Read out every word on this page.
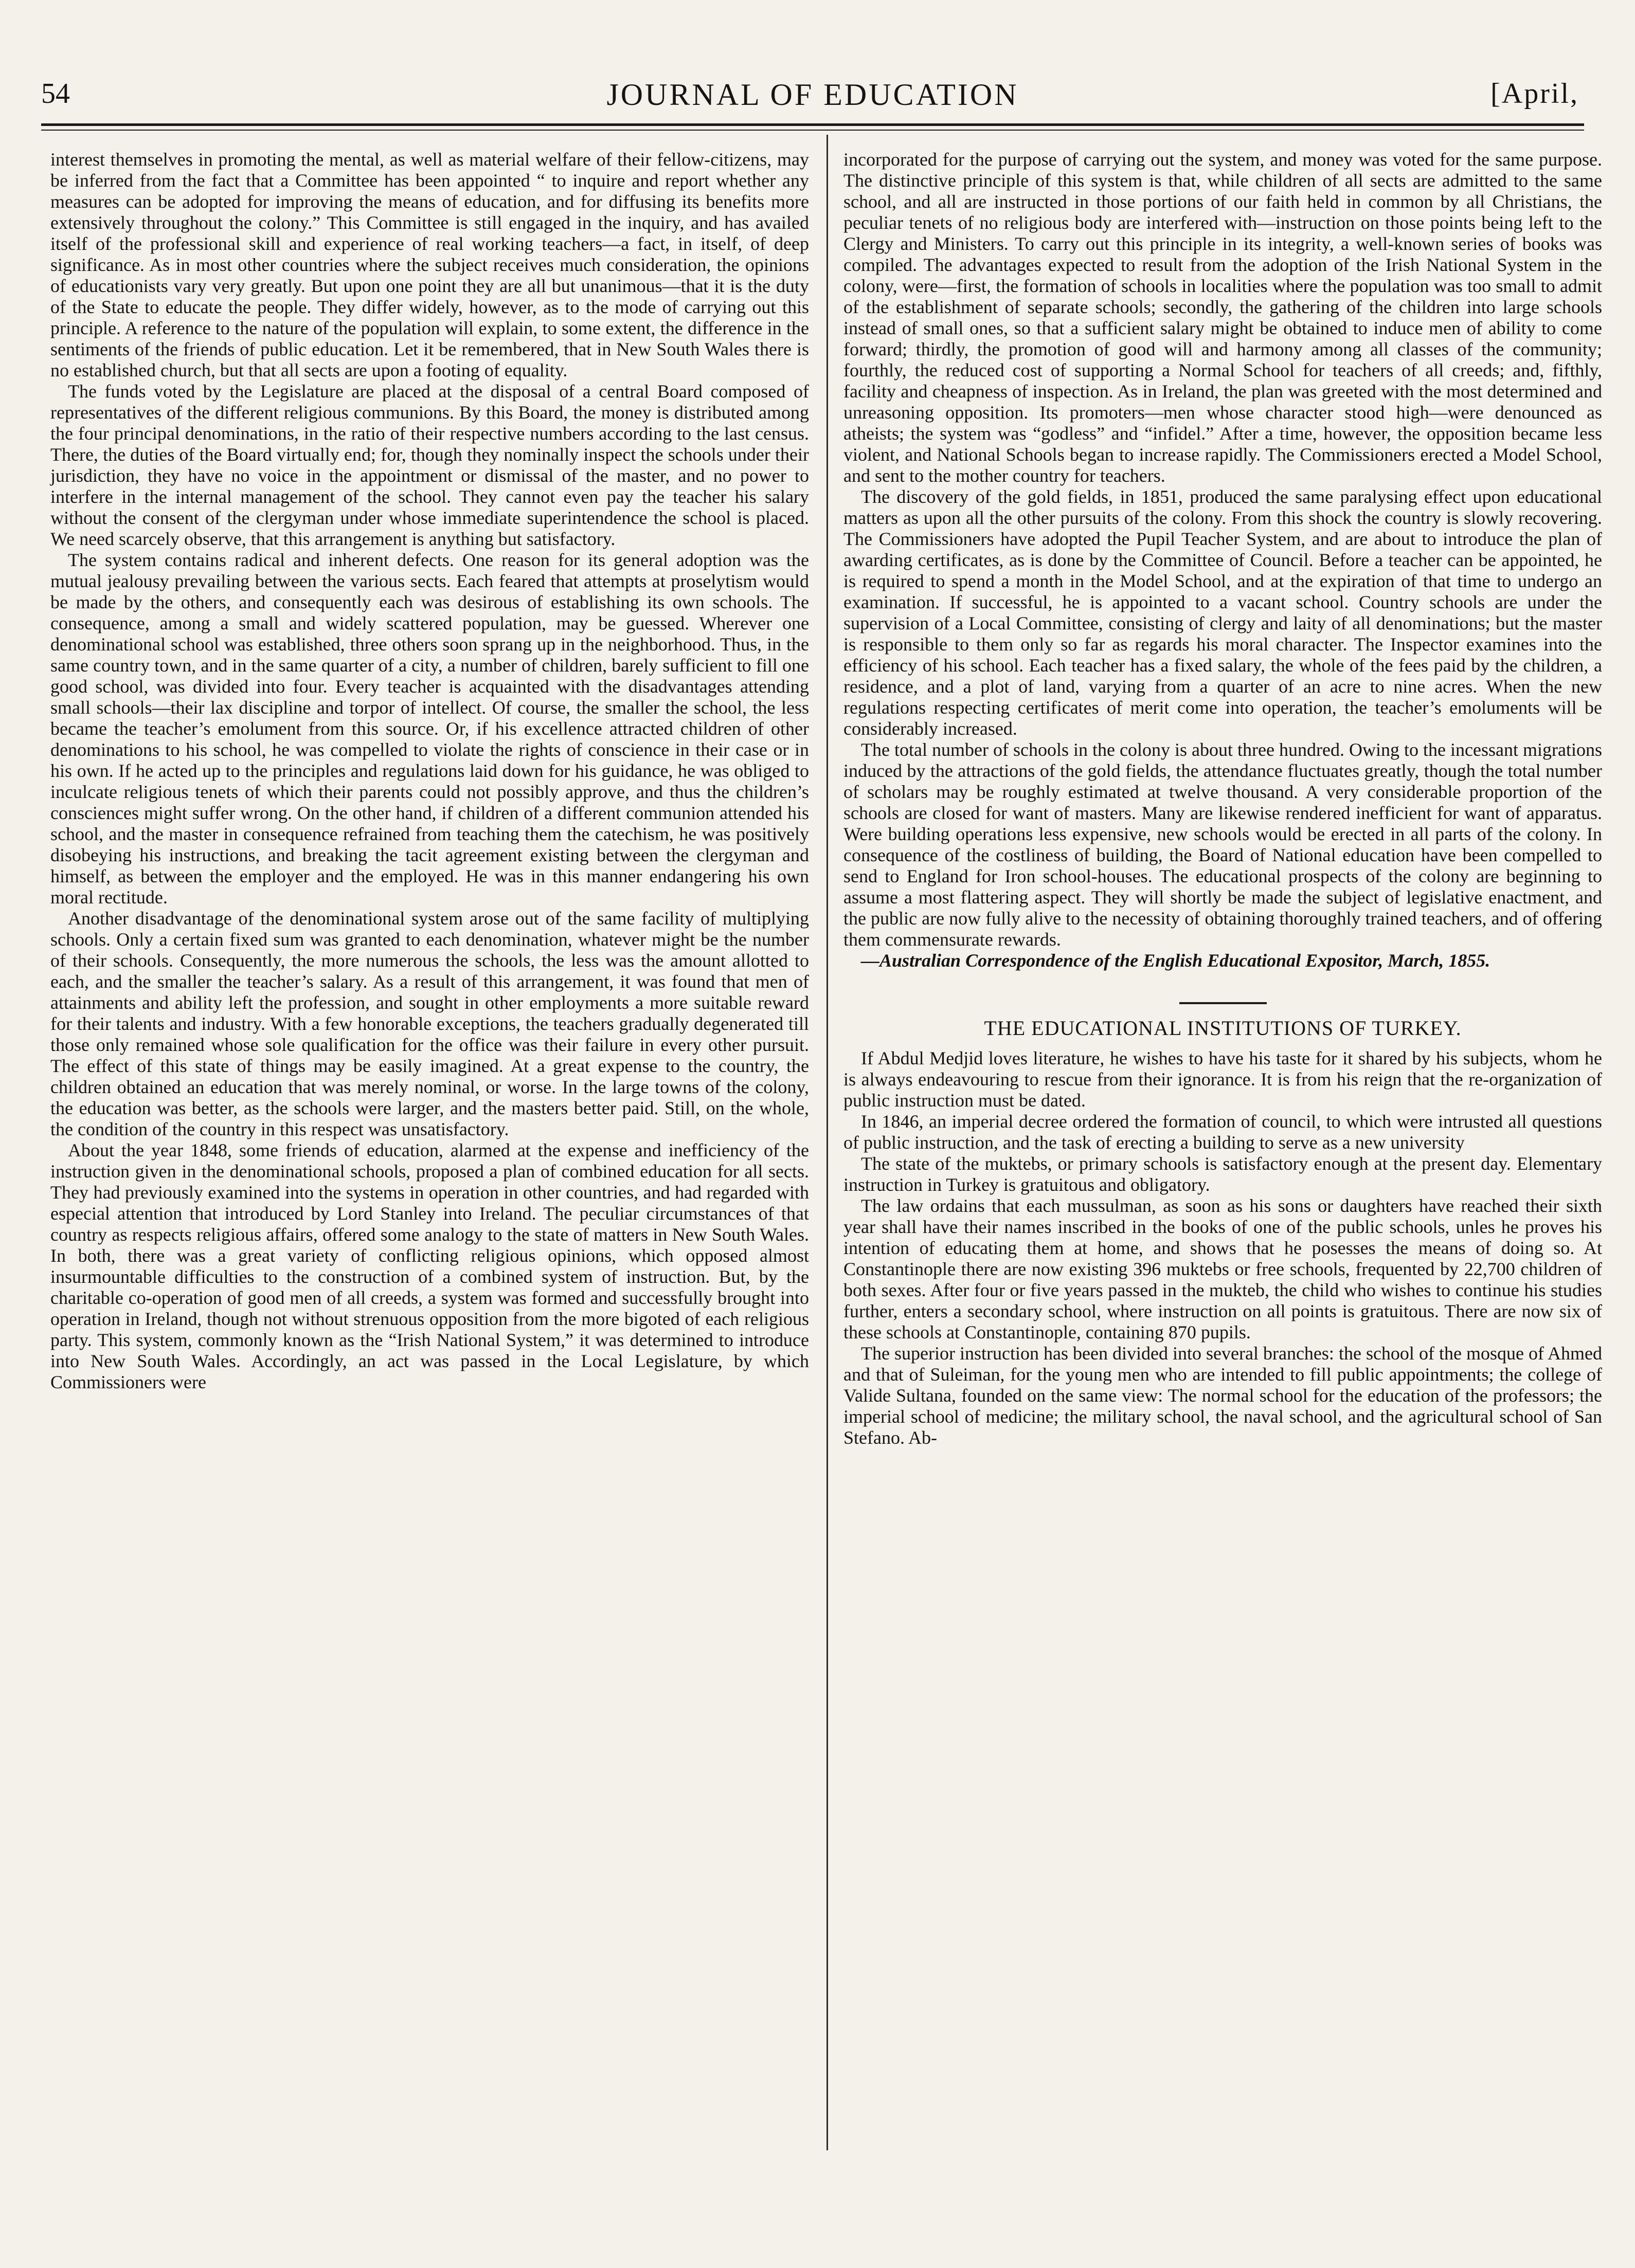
54	JOURNAL OF EDUCATION	[April,

interest themselves in promoting the mental, as well as material welfare of their fellow-citizens, may be inferred from the fact that a Committee has been appointed “ to inquire and report whether any measures can be adopted for improving the means of education, and for diffusing its benefits more extensively throughout the colony.” This Committee is still engaged in the inquiry, and has availed itself of the professional skill and experience of real working teachers—a fact, in itself, of deep significance. As in most other countries where the subject receives much consideration, the opinions of educationists vary very greatly. But upon one point they are all but unanimous—that it is the duty of the State to educate the people. They differ widely, however, as to the mode of carrying out this principle. A reference to the nature of the population will explain, to some extent, the difference in the sentiments of the friends of public education. Let it be remembered, that in New South Wales there is no established church, but that all sects are upon a footing of equality.

The funds voted by the Legislature are placed at the disposal of a central Board composed of representatives of the different religious communions. By this Board, the money is distributed among the four principal denominations, in the ratio of their respective numbers according to the last census. There, the duties of the Board virtually end; for, though they nominally inspect the schools under their jurisdiction, they have no voice in the appointment or dismissal of the master, and no power to interfere in the internal management of the school. They cannot even pay the teacher his salary without the consent of the clergyman under whose immediate superintendence the school is placed. We need scarcely observe, that this arrangement is anything but satisfactory.

The system contains radical and inherent defects. One reason for its general adoption was the mutual jealousy prevailing between the various sects. Each feared that attempts at proselytism would be made by the others, and consequently each was desirous of establishing its own schools. The consequence, among a small and widely scattered population, may be guessed. Wherever one denominational school was established, three others soon sprang up in the neighborhood. Thus, in the same country town, and in the same quarter of a city, a number of children, barely sufficient to fill one good school, was divided into four. Every teacher is acquainted with the disadvantages attending small schools—their lax discipline and torpor of intellect. Of course, the smaller the school, the less became the teacher’s emolument from this source. Or, if his excellence attracted children of other denominations to his school, he was compelled to violate the rights of conscience in their case or in his own. If he acted up to the principles and regulations laid down for his guidance, he was obliged to inculcate religious tenets of which their parents could not possibly approve, and thus the children’s consciences might suffer wrong. On the other hand, if children of a different communion attended his school, and the master in consequence refrained from teaching them the catechism, he was positively disobeying his instructions, and breaking the tacit agreement existing between the clergyman and himself, as between the employer and the employed. He was in this manner endangering his own moral rectitude.

Another disadvantage of the denominational system arose out of the same facility of multiplying schools. Only a certain fixed sum was granted to each denomination, whatever might be the number of their schools. Consequently, the more numerous the schools, the less was the amount allotted to each, and the smaller the teacher’s salary. As a result of this arrangement, it was found that men of attainments and ability left the profession, and sought in other employments a more suitable reward for their talents and industry. With a few honorable exceptions, the teachers gradually degenerated till those only remained whose sole qualification for the office was their failure in every other pursuit. The effect of this state of things may be easily imagined. At a great expense to the country, the children obtained an education that was merely nominal, or worse. In the large towns of the colony, the education was better, as the schools were larger, and the masters better paid. Still, on the whole, the condition of the country in this respect was unsatisfactory.

About the year 1848, some friends of education, alarmed at the expense and inefficiency of the instruction given in the denominational schools, proposed a plan of combined education for all sects. They had previously examined into the systems in operation in other countries, and had regarded with especial attention that introduced by Lord Stanley into Ireland. The peculiar circumstances of that country as respects religious affairs, offered some analogy to the state of matters in New South Wales. In both, there was a great variety of conflicting religious opinions, which opposed almost insurmountable difficulties to the construction of a combined system of instruction. But, by the charitable co-operation of good men of all creeds, a system was formed and successfully brought into operation in Ireland, though not without strenuous opposition from the more bigoted of each religious party. This system, commonly known as the “Irish National System,” it was determined to introduce into New South Wales. Accordingly, an act was passed in the Local Legislature, by which Commissioners were

incorporated for the purpose of carrying out the system, and money was voted for the same purpose. The distinctive principle of this system is that, while children of all sects are admitted to the same school, and all are instructed in those portions of our faith held in common by all Christians, the peculiar tenets of no religious body are interfered with—instruction on those points being left to the Clergy and Ministers. To carry out this principle in its integrity, a well-known series of books was compiled. The advantages expected to result from the adoption of the Irish National System in the colony, were—first, the formation of schools in localities where the population was too small to admit of the establishment of separate schools; secondly, the gathering of the children into large schools instead of small ones, so that a sufficient salary might be obtained to induce men of ability to come forward; thirdly, the promotion of good will and harmony among all classes of the community; fourthly, the reduced cost of supporting a Normal School for teachers of all creeds; and, fifthly, facility and cheapness of inspection. As in Ireland, the plan was greeted with the most determined and unreasoning opposition. Its promoters—men whose character stood high—were denounced as atheists; the system was “godless” and “infidel.” After a time, however, the opposition became less violent, and National Schools began to increase rapidly. The Commissioners erected a Model School, and sent to the mother country for teachers.

The discovery of the gold fields, in 1851, produced the same paralysing effect upon educational matters as upon all the other pursuits of the colony. From this shock the country is slowly recovering. The Commissioners have adopted the Pupil Teacher System, and are about to introduce the plan of awarding certificates, as is done by the Committee of Council. Before a teacher can be appointed, he is required to spend a month in the Model School, and at the expiration of that time to undergo an examination. If successful, he is appointed to a vacant school. Country schools are under the supervision of a Local Committee, consisting of clergy and laity of all denominations; but the master is responsible to them only so far as regards his moral character. The Inspector examines into the efficiency of his school. Each teacher has a fixed salary, the whole of the fees paid by the children, a residence, and a plot of land, varying from a quarter of an acre to nine acres. When the new regulations respecting certificates of merit come into operation, the teacher’s emoluments will be considerably increased.

The total number of schools in the colony is about three hundred. Owing to the incessant migrations induced by the attractions of the gold fields, the attendance fluctuates greatly, though the total number of scholars may be roughly estimated at twelve thousand. A very considerable proportion of the schools are closed for want of masters. Many are likewise rendered inefficient for want of apparatus. Were building operations less expensive, new schools would be erected in all parts of the colony. In consequence of the costliness of building, the Board of National education have been compelled to send to England for Iron school-houses. The educational prospects of the colony are beginning to assume a most flattering aspect. They will shortly be made the subject of legislative enactment, and the public are now fully alive to the necessity of obtaining thoroughly trained teachers, and of offering them commensurate rewards.

—Australian Correspondence of the English Educational Expositor, March, 1855.

THE EDUCATIONAL INSTITUTIONS OF TURKEY.

If Abdul Medjid loves literature, he wishes to have his taste for it shared by his subjects, whom he is always endeavouring to rescue from their ignorance. It is from his reign that the re-organization of public instruction must be dated.

In 1846, an imperial decree ordered the formation of council, to which were intrusted all questions of public instruction, and the task of erecting a building to serve as a new university

The state of the muktebs, or primary schools is satisfactory enough at the present day. Elementary instruction in Turkey is gratuitous and obligatory.

The law ordains that each mussulman, as soon as his sons or daughters have reached their sixth year shall have their names inscribed in the books of one of the public schools, unles he proves his intention of educating them at home, and shows that he posesses the means of doing so. At Constantinople there are now existing 396 muktebs or free schools, frequented by 22,700 children of both sexes. After four or five years passed in the mukteb, the child who wishes to continue his studies further, enters a secondary school, where instruction on all points is gratuitous. There are now six of these schools at Constantinople, containing 870 pupils.

The superior instruction has been divided into several branches: the school of the mosque of Ahmed and that of Suleiman, for the young men who are intended to fill public appointments; the college of Valide Sultana, founded on the same view: The normal school for the education of the professors; the imperial school of medicine; the military school, the naval school, and the agricultural school of San Stefano. Ab-
